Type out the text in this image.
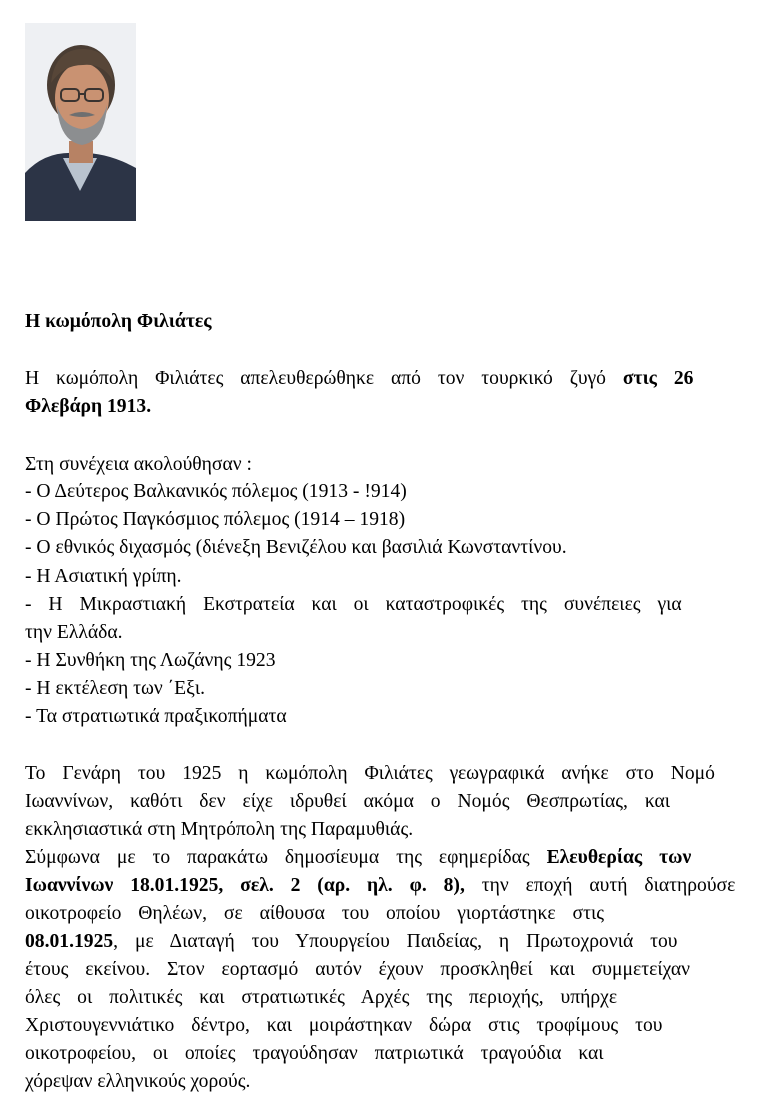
Η κωμόπολη Φιλιάτες
Η κωμόπολη Φιλιάτες απελευθερώθηκε από τον τουρκικό ζυγό στις 26
Φλεβάρη 1913.
Στη συνέχεια ακολούθησαν :
- Ο Δεύτερος Βαλκανικός πόλεμος (1913 - !914)
- Ο Πρώτος Παγκόσμιος πόλεμος (1914 – 1918)
- Ο εθνικός διχασμός (διένεξη Βενιζέλου και βασιλιά Κωνσταντίνου.
- Η Ασιατική γρίπη.
- Η Μικραστιακή Εκστρατεία και οι καταστροφικές της συνέπειες για
την Ελλάδα.
- Η Συνθήκη της Λωζάνης 1923
- Η εκτέλεση των ΄Εξι.
- Τα στρατιωτικά πραξικοπήματα
Το Γενάρη του 1925 η κωμόπολη Φιλιάτες γεωγραφικά ανήκε στο Νομό
Ιωαννίνων, καθότι δεν είχε ιδρυθεί ακόμα ο Νομός Θεσπρωτίας, και
εκκλησιαστικά στη Μητρόπολη της Παραμυθιάς.
Σύμφωνα με το παρακάτω δημοσίευμα της εφημερίδας Ελευθερίας των
Ιωαννίνων 18.01.1925, σελ. 2 (αρ. ηλ. φ. 8), την εποχή αυτή διατηρούσε
οικοτροφείο Θηλέων, σε αίθουσα του οποίου γιορτάστηκε στις
08.01.1925, με Διαταγή του Υπουργείου Παιδείας, η Πρωτοχρονιά του
έτους εκείνου. Στον εορτασμό αυτόν έχουν προσκληθεί και συμμετείχαν
όλες οι πολιτικές και στρατιωτικές Αρχές της περιοχής, υπήρχε
Χριστουγεννιάτικο δέντρο, και μοιράστηκαν δώρα στις τροφίμους του
οικοτροφείου, οι οποίες τραγούδησαν πατριωτικά τραγούδια και
χόρεψαν ελληνικούς χορούς.
